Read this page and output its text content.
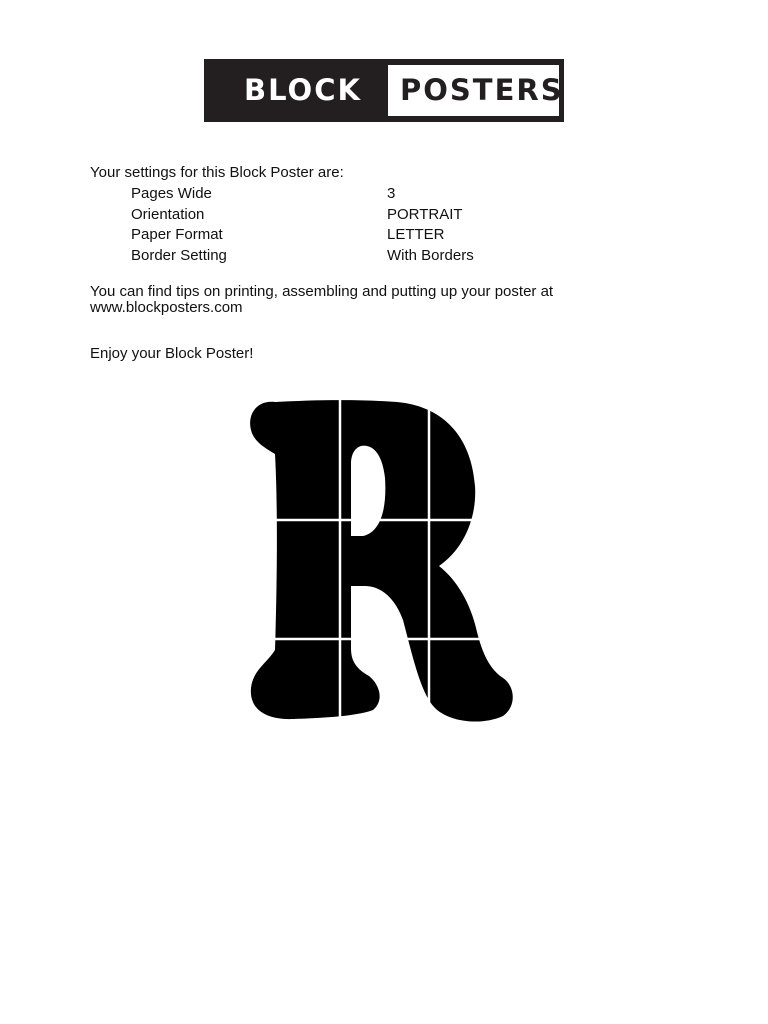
BLOCK POSTERS
Your settings for this Block Poster are:
Pages Wide	3
Orientation	PORTRAIT
Paper Format	LETTER
Border Setting	With Borders
You can find tips on printing, assembling and putting up your poster at
www.blockposters.com
Enjoy your Block Poster!
